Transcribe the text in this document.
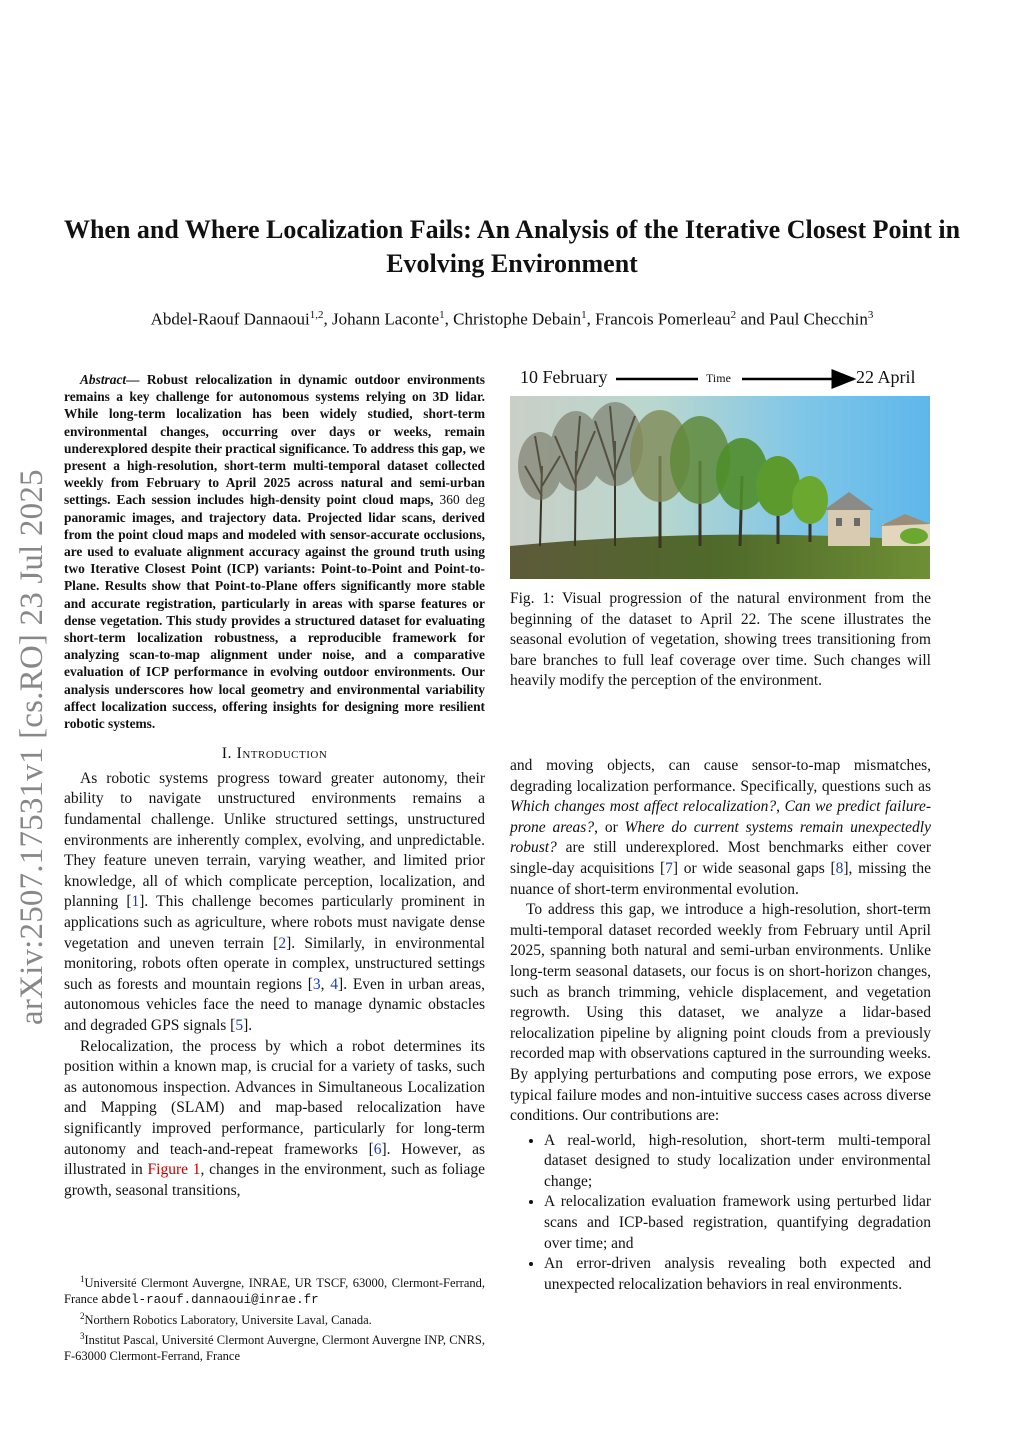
When and Where Localization Fails: An Analysis of the Iterative Closest Point in Evolving Environment
Abdel-Raouf Dannaoui$^{1,2}$, Johann Laconte$^1$, Christophe Debain$^1$, Francois Pomerleau$^2$ and Paul Checchin$^3$
arXiv:2507.17531v1 [cs.RO] 23 Jul 2025

Abstract— Robust relocalization in dynamic outdoor environments remains a key challenge for autonomous systems relying on 3D lidar. While long-term localization has been widely studied, short-term environmental changes, occurring over days or weeks, remain underexplored despite their practical significance. To address this gap, we present a high-resolution, short-term multi-temporal dataset collected weekly from February to April 2025 across natural and semi-urban settings. Each session includes high-density point cloud maps, 360 deg panoramic images, and trajectory data. Projected lidar scans, derived from the point cloud maps and modeled with sensor-accurate occlusions, are used to evaluate alignment accuracy against the ground truth using two Iterative Closest Point (ICP) variants: Point-to-Point and Point-to-Plane. Results show that Point-to-Plane offers significantly more stable and accurate registration, particularly in areas with sparse features or dense vegetation. This study provides a structured dataset for evaluating short-term localization robustness, a reproducible framework for analyzing scan-to-map alignment under noise, and a comparative evaluation of ICP performance in evolving outdoor environments. Our analysis underscores how local geometry and environmental variability affect localization success, offering insights for designing more resilient robotic systems.

I. Introduction

As robotic systems progress toward greater autonomy, their ability to navigate unstructured environments remains a fundamental challenge. Unlike structured settings, unstructured environments are inherently complex, evolving, and unpredictable. They feature uneven terrain, varying weather, and limited prior knowledge, all of which complicate perception, localization, and planning [1]. This challenge becomes particularly prominent in applications such as agriculture, where robots must navigate dense vegetation and uneven terrain [2]. Similarly, in environmental monitoring, robots often operate in complex, unstructured settings such as forests and mountain regions [3, 4]. Even in urban areas, autonomous vehicles face the need to manage dynamic obstacles and degraded GPS signals [5].

Relocalization, the process by which a robot determines its position within a known map, is crucial for a variety of tasks, such as autonomous inspection. Advances in Simultaneous Localization and Mapping (SLAM) and map-based relocalization have significantly improved performance, particularly for long-term autonomy and teach-and-repeat frameworks [6]. However, as illustrated in Figure 1, changes in the environment, such as foliage growth, seasonal transitions,

$^1$Université Clermont Auvergne, INRAE, UR TSCF, 63000, Clermont-Ferrand, France abdel-raouf.dannaoui@inrae.fr
$^2$Northern Robotics Laboratory, Universite Laval, Canada.
$^3$Institut Pascal, Université Clermont Auvergne, Clermont Auvergne INP, CNRS, F-63000 Clermont-Ferrand, France
10 February	Time	22 April
Fig. 1: Visual progression of the natural environment from the beginning of the dataset to April 22. The scene illustrates the seasonal evolution of vegetation, showing trees transitioning from bare branches to full leaf coverage over time. Such changes will heavily modify the perception of the environment.

and moving objects, can cause sensor-to-map mismatches, degrading localization performance. Specifically, questions such as Which changes most affect relocalization?, Can we predict failure-prone areas?, or Where do current systems remain unexpectedly robust? are still underexplored. Most benchmarks either cover single-day acquisitions [7] or wide seasonal gaps [8], missing the nuance of short-term environmental evolution.

To address this gap, we introduce a high-resolution, short-term multi-temporal dataset recorded weekly from February until April 2025, spanning both natural and semi-urban environments. Unlike long-term seasonal datasets, our focus is on short-horizon changes, such as branch trimming, vehicle displacement, and vegetation regrowth. Using this dataset, we analyze a lidar-based relocalization pipeline by aligning point clouds from a previously recorded map with observations captured in the surrounding weeks. By applying perturbations and computing pose errors, we expose typical failure modes and non-intuitive success cases across diverse conditions. Our contributions are:

• A real-world, high-resolution, short-term multi-temporal dataset designed to study localization under environmental change;
• A relocalization evaluation framework using perturbed lidar scans and ICP-based registration, quantifying degradation over time; and
• An error-driven analysis revealing both expected and unexpected relocalization behaviors in real environments.
